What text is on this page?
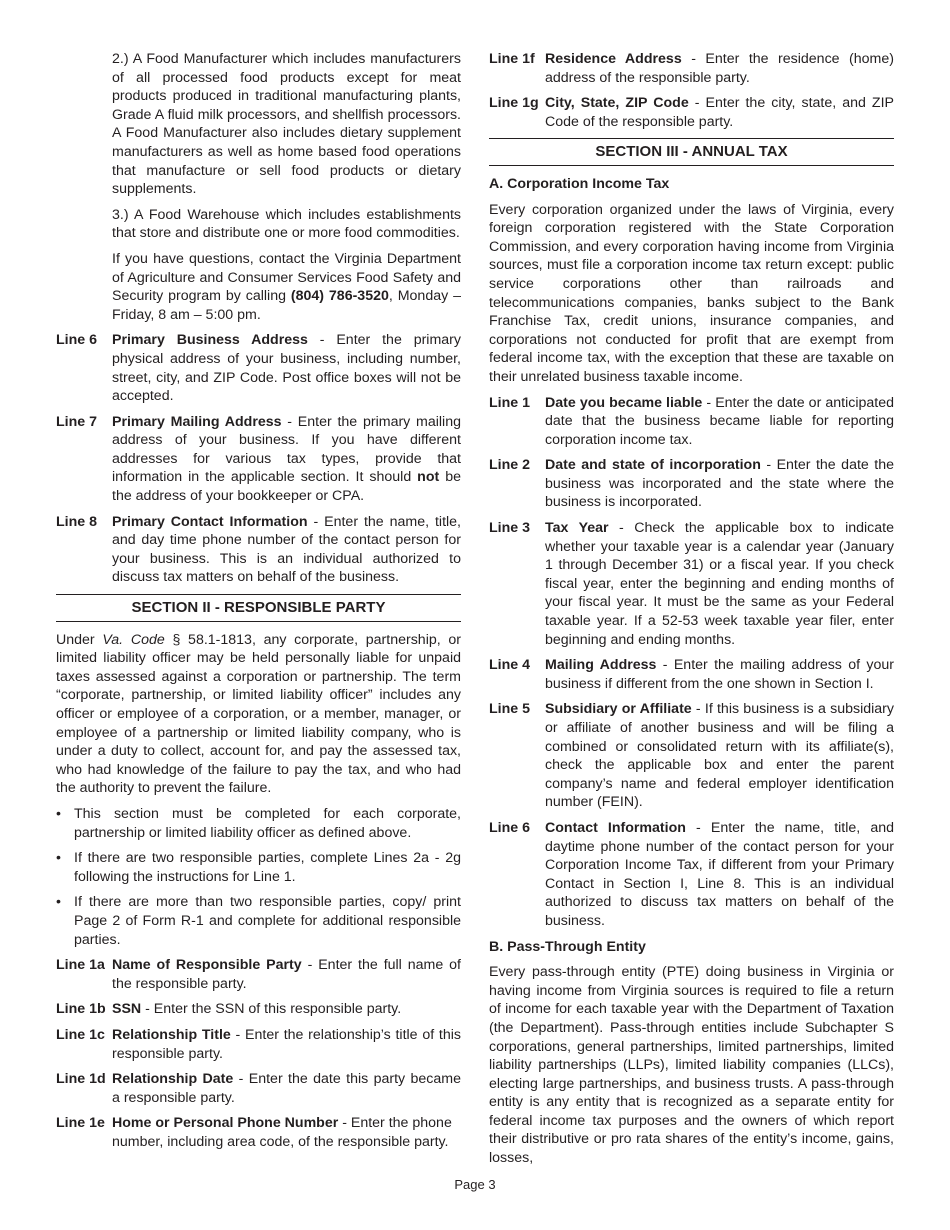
2.) A Food Manufacturer which includes manufacturers of all processed food products except for meat products produced in traditional manufacturing plants, Grade A fluid milk processors, and shellfish processors. A Food Manufacturer also includes dietary supplement manufacturers as well as home based food operations that manufacture or sell food products or dietary supplements.

3.) A Food Warehouse which includes establishments that store and distribute one or more food commodities.

If you have questions, contact the Virginia Department of Agriculture and Consumer Services Food Safety and Security program by calling (804) 786-3520, Monday – Friday, 8 am – 5:00 pm.

Line 6	Primary Business Address - Enter the primary physical address of your business, including number, street, city, and ZIP Code. Post office boxes will not be accepted.
Line 7	Primary Mailing Address - Enter the primary mailing address of your business. If you have different addresses for various tax types, provide that information in the applicable section. It should not be the address of your bookkeeper or CPA.
Line 8	Primary Contact Information - Enter the name, title, and day time phone number of the contact person for your business. This is an individual authorized to discuss tax matters on behalf of the business.
SECTION II - RESPONSIBLE PARTY

Under Va. Code § 58.1-1813, any corporate, partnership, or limited liability officer may be held personally liable for unpaid taxes assessed against a corporation or partnership. The term “corporate, partnership, or limited liability officer” includes any officer or employee of a corporation, or a member, manager, or employee of a partnership or limited liability company, who is under a duty to collect, account for, and pay the assessed tax, who had knowledge of the failure to pay the tax, and who had the authority to prevent the failure.

• This section must be completed for each corporate, partnership or limited liability officer as defined above.
• If there are two responsible parties, complete Lines 2a - 2g following the instructions for Line 1.
• If there are more than two responsible parties, copy/ print Page 2 of Form R-1 and complete for additional responsible parties.
Line 1a Name of Responsible Party - Enter the full name of the responsible party.
Line 1b SSN - Enter the SSN of this responsible party.
Line 1c Relationship Title - Enter the relationship’s title of this responsible party.
Line 1d Relationship Date - Enter the date this party became a responsible party.
Line 1e Home or Personal Phone Number - Enter the phone number, including area code, of the responsible party.
Line 1f Residence Address - Enter the residence (home) address of the responsible party.
Line 1g City, State, ZIP Code - Enter the city, state, and ZIP Code of the responsible party.
SECTION III - ANNUAL TAX
A. Corporation Income Tax

Every corporation organized under the laws of Virginia, every foreign corporation registered with the State Corporation Commission, and every corporation having income from Virginia sources, must file a corporation income tax return except: public service corporations other than railroads and telecommunications companies, banks subject to the Bank Franchise Tax, credit unions, insurance companies, and corporations not conducted for profit that are exempt from federal income tax, with the exception that these are taxable on their unrelated business taxable income.

Line 1	Date you became liable - Enter the date or anticipated date that the business became liable for reporting corporation income tax.
Line 2	Date and state of incorporation - Enter the date the business was incorporated and the state where the business is incorporated.
Line 3	Tax Year - Check the applicable box to indicate whether your taxable year is a calendar year (January 1 through December 31) or a fiscal year. If you check fiscal year, enter the beginning and ending months of your fiscal year. It must be the same as your Federal taxable year. If a 52-53 week taxable year filer, enter beginning and ending months.
Line 4	Mailing Address - Enter the mailing address of your business if different from the one shown in Section I.
Line 5	Subsidiary or Affiliate - If this business is a subsidiary or affiliate of another business and will be filing a combined or consolidated return with its affiliate(s), check the applicable box and enter the parent company’s name and federal employer identification number (FEIN).
Line 6	Contact Information - Enter the name, title, and daytime phone number of the contact person for your Corporation Income Tax, if different from your Primary Contact in Section I, Line 8. This is an individual authorized to discuss tax matters on behalf of the business.
B. Pass-Through Entity

Every pass-through entity (PTE) doing business in Virginia or having income from Virginia sources is required to file a return of income for each taxable year with the Department of Taxation (the Department). Pass-through entities include Subchapter S corporations, general partnerships, limited partnerships, limited liability partnerships (LLPs), limited liability companies (LLCs), electing large partnerships, and business trusts. A pass-through entity is any entity that is recognized as a separate entity for federal income tax purposes and the owners of which report their distributive or pro rata shares of the entity’s income, gains, losses,

Page 3
